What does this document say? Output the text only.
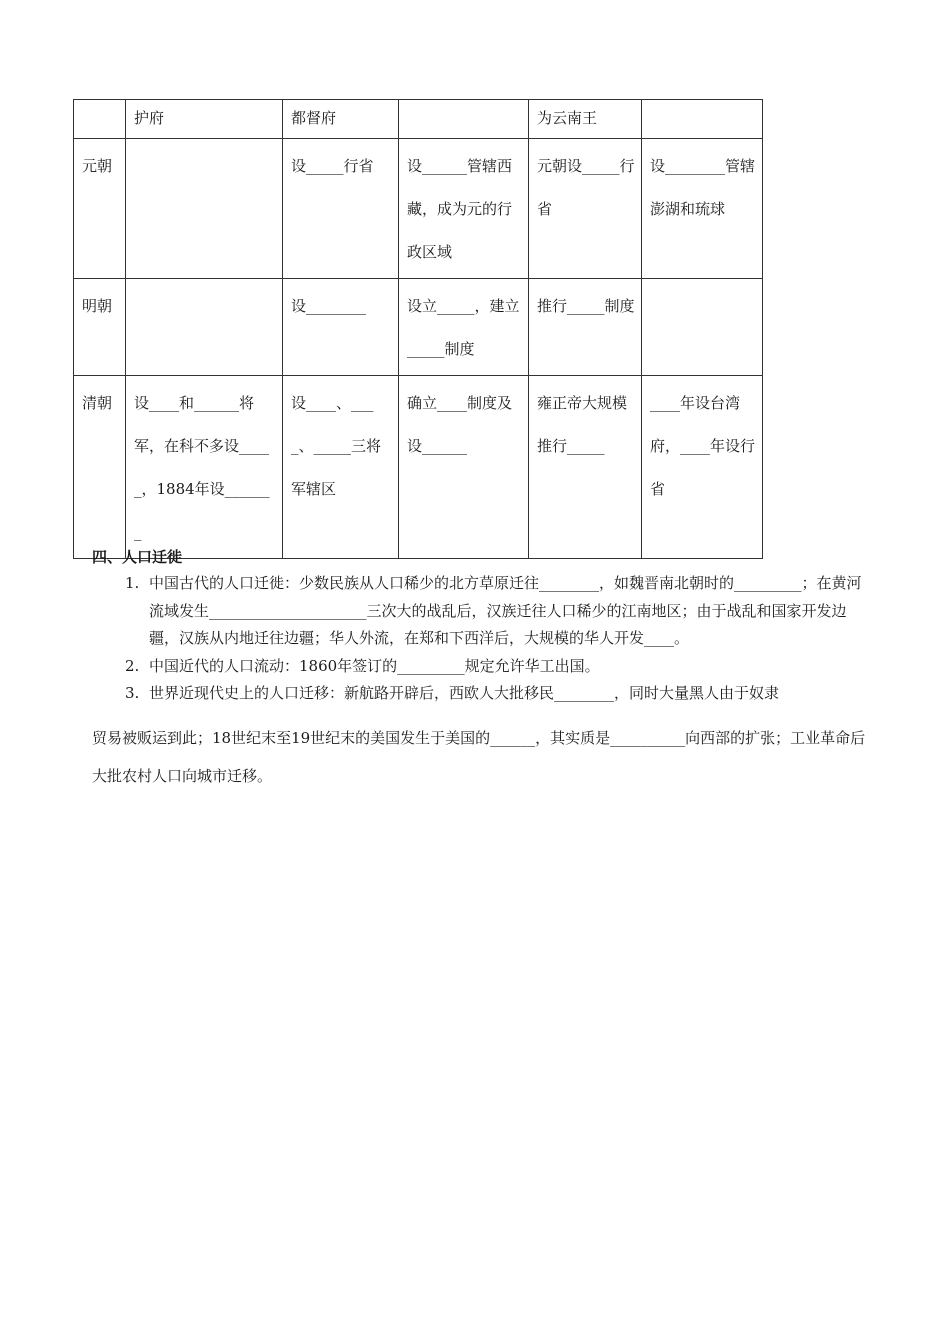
	护府	都督府		为云南王	
元朝		设_____行省	设______管辖西藏，成为元的行政区域	元朝设_____行省	设________管辖澎湖和琉球
明朝		设________	设立_____，建立_____制度	推行_____制度	
清朝	设____和______将军，在科不多设_____，1884年设_______	设____、____、_____三将军辖区	确立____制度及设______	雍正帝大规模推行_____	____年设台湾府，____年设行省
四、人口迁徙
1. 中国古代的人口迁徙：少数民族从人口稀少的北方草原迁往________，如魏晋南北朝时的_________；在黄河流域发生_____________________三次大的战乱后，汉族迁往人口稀少的江南地区；由于战乱和国家开发边疆，汉族从内地迁往边疆；华人外流，在郑和下西洋后，大规模的华人开发____。
2. 中国近代的人口流动：1860年签订的_________规定允许华工出国。
3. 世界近现代史上的人口迁移：新航路开辟后，西欧人大批移民________，同时大量黑人由于奴隶
贸易被贩运到此；18世纪末至19世纪末的美国发生于美国的______，其实质是__________向西部的扩张；工业革命后大批农村人口向城市迁移。
